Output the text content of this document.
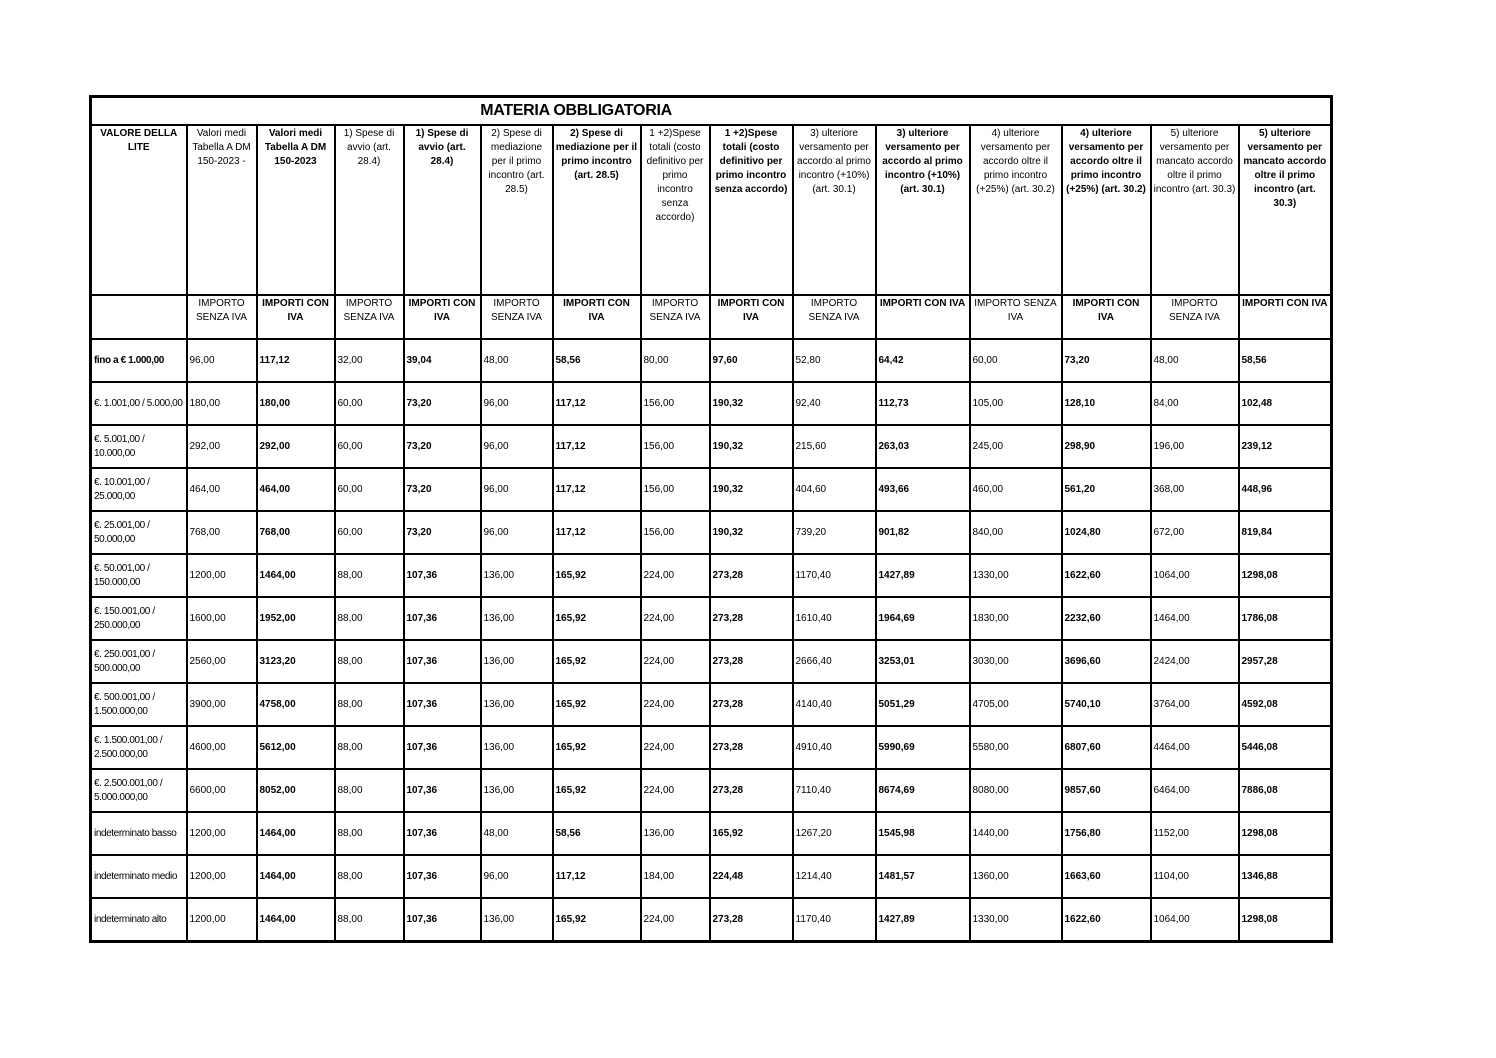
MATERIA OBBLIGATORIA														
VALORE DELLA LITE	Valori medi Tabella A DM 150-2023 -	Valori medi Tabella A DM 150-2023	1) Spese di avvio (art. 28.4)	1) Spese di avvio (art. 28.4)	2) Spese di mediazione per il primo incontro (art. 28.5)	2) Spese di mediazione per il primo incontro (art. 28.5)	1 +2)Spese totali (costo definitivo per primo incontro senza accordo)	1 +2)Spese totali (costo definitivo per primo incontro senza accordo)	3) ulteriore versamento per accordo al primo incontro (+10%) (art. 30.1)	3) ulteriore versamento per accordo al primo incontro (+10%) (art. 30.1)	4) ulteriore versamento per accordo oltre il primo incontro (+25%) (art. 30.2)	4) ulteriore versamento per accordo oltre il primo incontro (+25%) (art. 30.2)	5) ulteriore versamento per mancato accordo oltre il primo incontro (art. 30.3)	5) ulteriore versamento per mancato accordo oltre il primo incontro (art. 30.3)
	IMPORTO SENZA IVA	IMPORTI CON IVA	IMPORTO SENZA IVA	IMPORTI CON IVA	IMPORTO SENZA IVA	IMPORTI CON IVA	IMPORTO SENZA IVA	IMPORTI CON IVA	IMPORTO SENZA IVA	IMPORTI CON IVA	IMPORTO SENZA IVA	IMPORTI CON IVA	IMPORTO SENZA IVA	IMPORTI CON IVA
fino a € 1.000,00	96,00	117,12	32,00	39,04	48,00	58,56	80,00	97,60	52,80	64,42	60,00	73,20	48,00	58,56
€. 1.001,00 / 5.000,00	180,00	180,00	60,00	73,20	96,00	117,12	156,00	190,32	92,40	112,73	105,00	128,10	84,00	102,48
€. 5.001,00 / 10.000,00	292,00	292,00	60,00	73,20	96,00	117,12	156,00	190,32	215,60	263,03	245,00	298,90	196,00	239,12
€. 10.001,00 / 25.000,00	464,00	464,00	60,00	73,20	96,00	117,12	156,00	190,32	404,60	493,66	460,00	561,20	368,00	448,96
€. 25.001,00 / 50.000,00	768,00	768,00	60,00	73,20	96,00	117,12	156,00	190,32	739,20	901,82	840,00	1024,80	672,00	819,84
€. 50.001,00 / 150.000,00	1200,00	1464,00	88,00	107,36	136,00	165,92	224,00	273,28	1170,40	1427,89	1330,00	1622,60	1064,00	1298,08
€. 150.001,00 / 250.000,00	1600,00	1952,00	88,00	107,36	136,00	165,92	224,00	273,28	1610,40	1964,69	1830,00	2232,60	1464,00	1786,08
€. 250.001,00 / 500.000,00	2560,00	3123,20	88,00	107,36	136,00	165,92	224,00	273,28	2666,40	3253,01	3030,00	3696,60	2424,00	2957,28
€. 500.001,00 / 1.500.000,00	3900,00	4758,00	88,00	107,36	136,00	165,92	224,00	273,28	4140,40	5051,29	4705,00	5740,10	3764,00	4592,08
€. 1.500.001,00 / 2.500.000,00	4600,00	5612,00	88,00	107,36	136,00	165,92	224,00	273,28	4910,40	5990,69	5580,00	6807,60	4464,00	5446,08
€. 2.500.001,00 / 5.000.000,00	6600,00	8052,00	88,00	107,36	136,00	165,92	224,00	273,28	7110,40	8674,69	8080,00	9857,60	6464,00	7886,08
indeterminato basso	1200,00	1464,00	88,00	107,36	48,00	58,56	136,00	165,92	1267,20	1545,98	1440,00	1756,80	1152,00	1298,08
indeterminato medio	1200,00	1464,00	88,00	107,36	96,00	117,12	184,00	224,48	1214,40	1481,57	1360,00	1663,60	1104,00	1346,88
indeterminato alto	1200,00	1464,00	88,00	107,36	136,00	165,92	224,00	273,28	1170,40	1427,89	1330,00	1622,60	1064,00	1298,08
